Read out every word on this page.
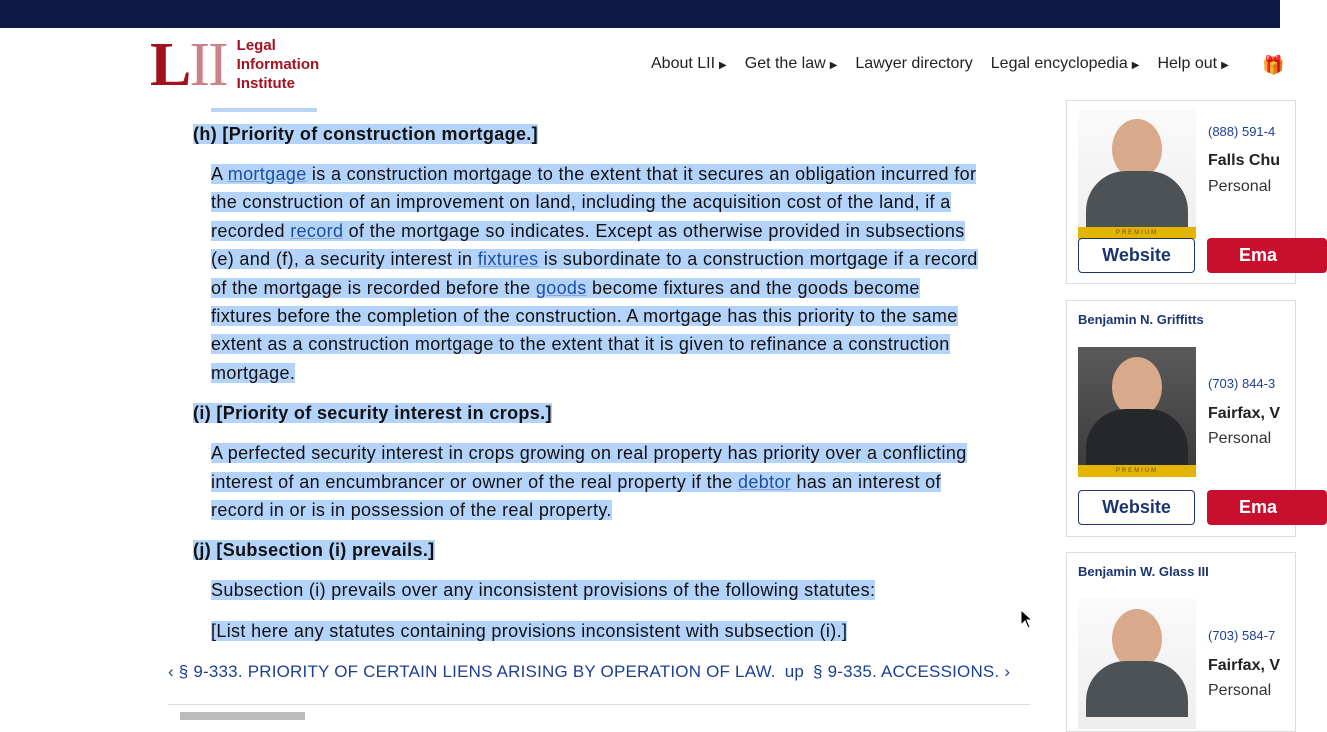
LII Legal
Information
Institute
About LII ▶ Get the law ▶ Lawyer directory Legal encyclopedia ▶ Help out ▶ 🎁
(h) [Priority of construction mortgage.]
A mortgage is a construction mortgage to the extent that it secures an obligation incurred for the construction of an improvement on land, including the acquisition cost of the land, if a recorded record of the mortgage so indicates. Except as otherwise provided in subsections (e) and (f), a security interest in fixtures is subordinate to a construction mortgage if a record of the mortgage is recorded before the goods become fixtures and the goods become fixtures before the completion of the construction. A mortgage has this priority to the same extent as a construction mortgage to the extent that it is given to refinance a construction mortgage.
(i) [Priority of security interest in crops.]
A perfected security interest in crops growing on real property has priority over a conflicting interest of an encumbrancer or owner of the real property if the debtor has an interest of record in or is in possession of the real property.
(j) [Subsection (i) prevails.]
Subsection (i) prevails over any inconsistent provisions of the following statutes:
[List here any statutes containing provisions inconsistent with subsection (i).]
‹ § 9-333. PRIORITY OF CERTAIN LIENS ARISING BY OPERATION OF LAW. up § 9-335. ACCESSIONS. ›
PREMIUM
(888) 591-4
Falls Chu
Personal
Website	Ema
Benjamin N. Griffitts
PREMIUM
(703) 844-3
Fairfax, V
Personal
Website	Ema
Benjamin W. Glass III
(703) 584-7
Fairfax, V
Personal
